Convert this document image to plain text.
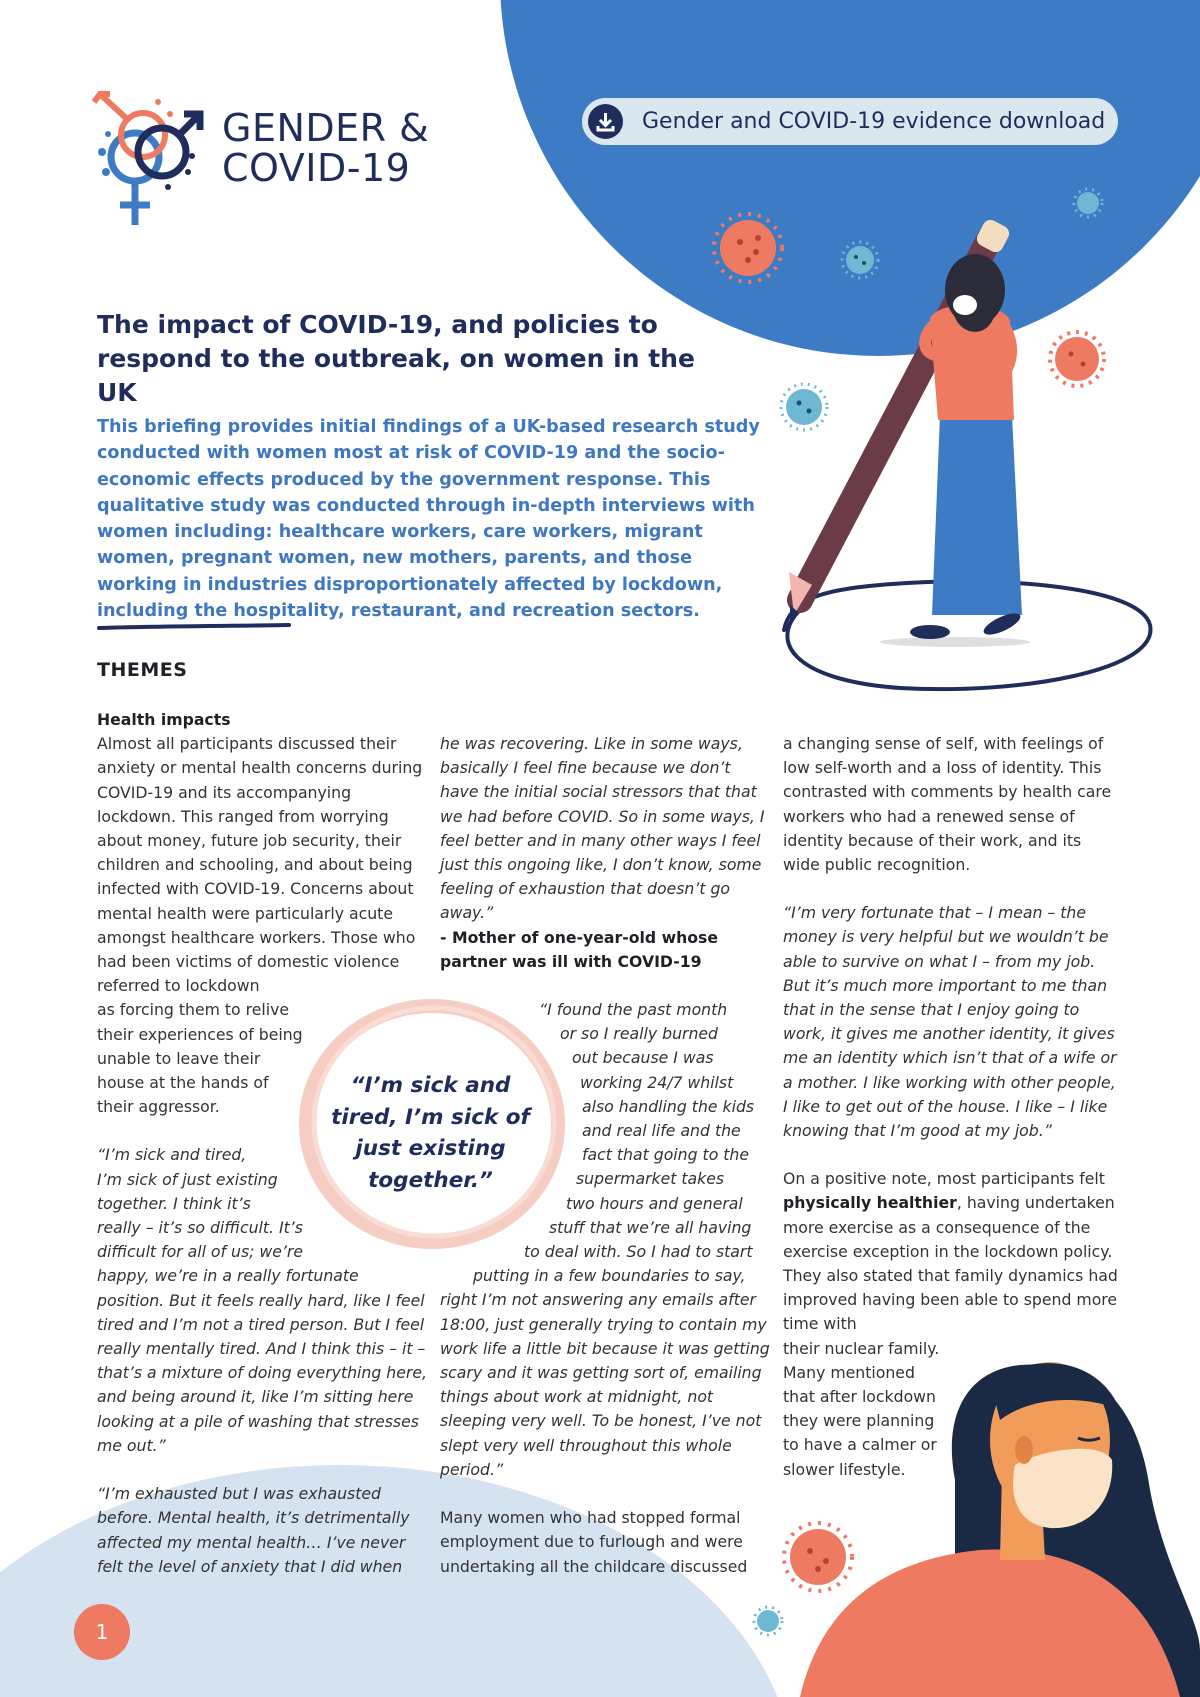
GENDER &
COVID-19
Gender and COVID-19 evidence download
The impact of COVID-19, and policies to
respond to the outbreak, on women in the UK
This briefing provides initial findings of a UK-based research study conducted with women most at risk of COVID-19 and the socio-economic effects produced by the government response. This qualitative study was conducted through in-depth interviews with women including: healthcare workers, care workers, migrant women, pregnant women, new mothers, parents, and those working in industries disproportionately affected by lockdown, including the hospitality, restaurant, and recreation sectors.
THEMES

Health impacts

Almost all participants discussed their anxiety or mental health concerns during COVID-19 and its accompanying lockdown. This ranged from worrying about money, future job security, their children and schooling, and about being infected with COVID-19. Concerns about mental health were particularly acute amongst healthcare workers. Those who had been victims of domestic violence referred to lockdown

as forcing them to relive
their experiences of being
unable to leave their
house at the hands of
their aggressor.
“I’m sick and tired,
I’m sick of just existing
together. I think it’s
really – it’s so difficult. It’s
difficult for all of us; we’re

happy, we’re in a really fortunate position. But it feels really hard, like I feel tired and I’m not a tired person. But I feel really mentally tired. And I think this – it – that’s a mixture of doing everything here, and being around it, like I’m sitting here looking at a pile of washing that stresses me out.”

“I’m exhausted but I was exhausted before. Mental health, it’s detrimentally affected my mental health… I’ve never felt the level of anxiety that I did when

he was recovering. Like in some ways, basically I feel fine because we don’t have the initial social stressors that that we had before COVID. So in some ways, I feel better and in many other ways I feel just this ongoing like, I don’t know, some feeling of exhaustion that doesn’t go away.”

- Mother of one-year-old whose partner was ill with COVID-19

“I found the past month
or so I really burned
out because I was
working 24/7 whilst
also handling the kids
and real life and the
fact that going to the
supermarket takes
two hours and general
stuff that we’re all having
to deal with. So I had to start
putting in a few boundaries to say,

right I’m not answering any emails after 18:00, just generally trying to contain my work life a little bit because it was getting scary and it was getting sort of, emailing things about work at midnight, not sleeping very well. To be honest, I’ve not slept very well throughout this whole period.”

Many women who had stopped formal employment due to furlough and were undertaking all the childcare discussed

a changing sense of self, with feelings of low self-worth and a loss of identity. This contrasted with comments by health care workers who had a renewed sense of identity because of their work, and its wide public recognition.

“I’m very fortunate that – I mean – the money is very helpful but we wouldn’t be able to survive on what I – from my job. But it’s much more important to me than that in the sense that I enjoy going to work, it gives me another identity, it gives me an identity which isn’t that of a wife or a mother. I like working with other people, I like to get out of the house. I like – I like knowing that I’m good at my job.”

On a positive note, most participants felt physically healthier, having undertaken more exercise as a consequence of the exercise exception in the lockdown policy. They also stated that family dynamics had improved having been able to spend more time with

their nuclear family.
Many mentioned
that after lockdown
they were planning
to have a calmer or
slower lifestyle.
“I’m sick and tired, I’m sick of just existing together.”
1
